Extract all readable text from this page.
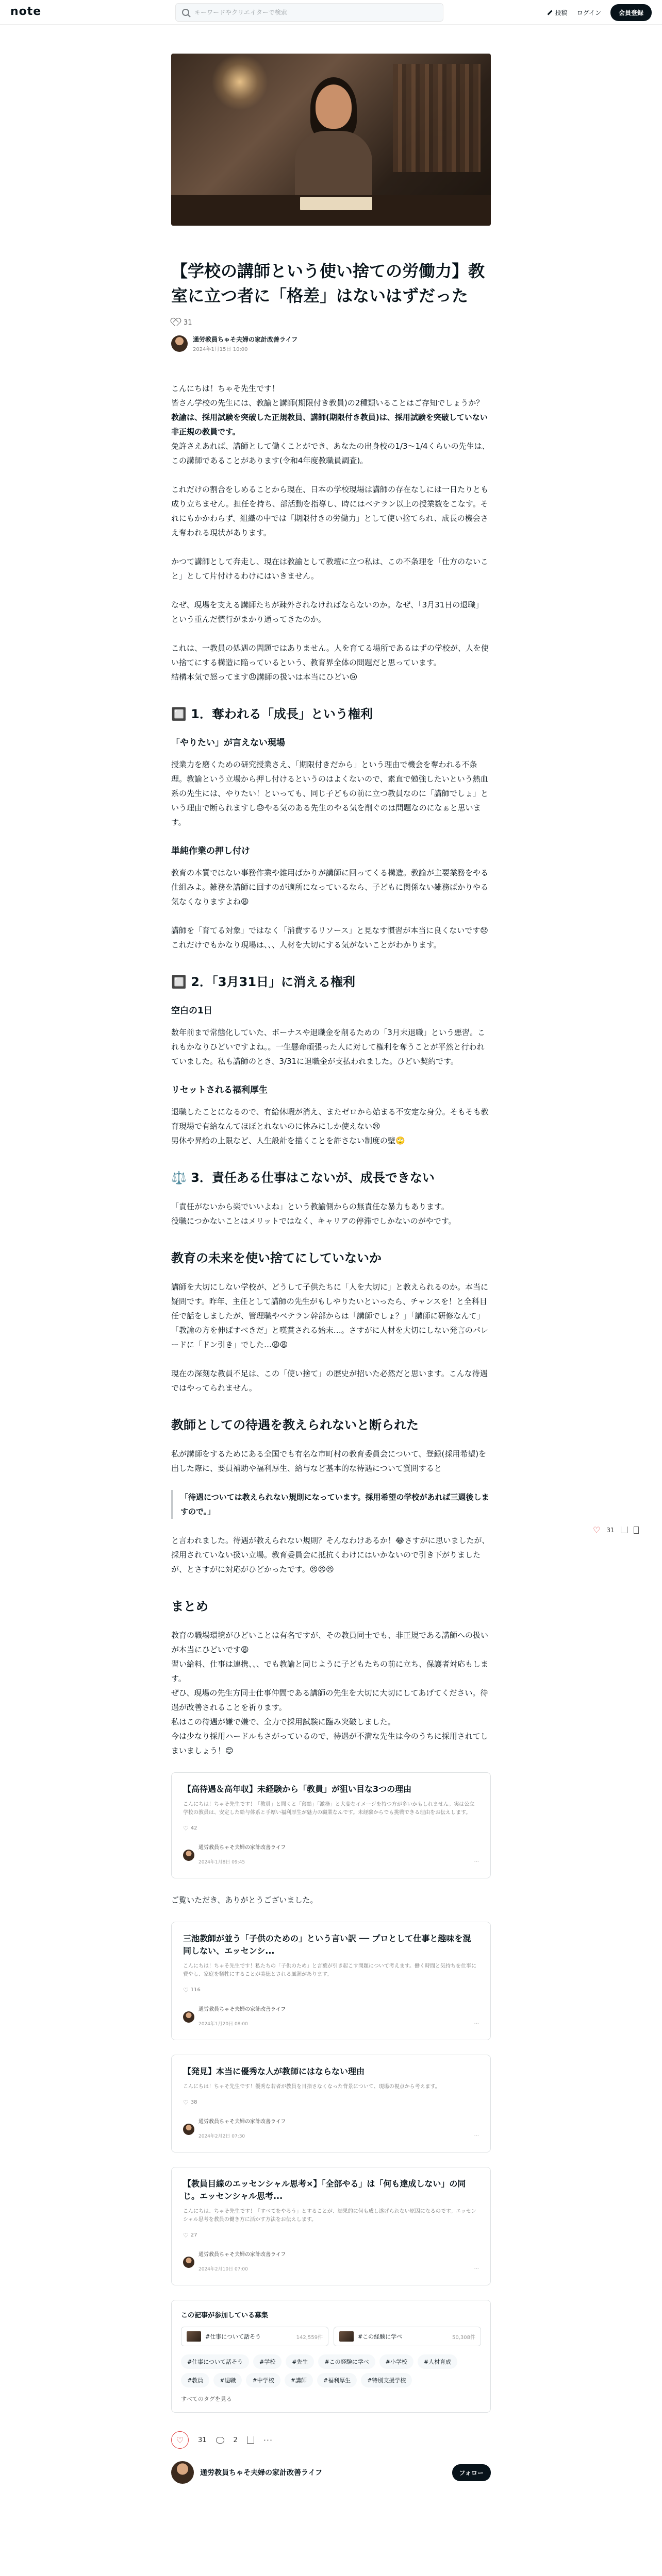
note
キーワードやクリエイターで検索	投稿 ログイン	会員登録
【学校の講師という使い捨ての労働力】教室に立つ者に「格差」はないはずだった
31
通労教員ちゃそ夫婦の家計改善ライフ
2024年1月15日 10:00

こんにちは！ちゃそ先生です！
皆さん学校の先生には、教諭と講師(期限付き教員)の2種類いることはご存知でしょうか？
教諭は、採用試験を突破した正規教員、講師(期限付き教員)は、採用試験を突破していない非正規の教員です。
免許さえあれば、講師として働くことができ、あなたの出身校の1/3〜1/4くらいの先生は、この講師であることがあります(令和4年度教職員調査)。

これだけの割合をしめることから現在、日本の学校現場は講師の存在なしには一日たりとも成り立ちません。担任を持ち、部活動を指導し、時にはベテラン以上の授業数をこなす。それにもかかわらず、組織の中では「期限付きの労働力」として使い捨てられ、成長の機会さえ奪われる現状があります。

かつて講師として奔走し、現在は教諭として教壇に立つ私は、この不条理を「仕方のないこと」として片付けるわけにはいきません。

なぜ、現場を支える講師たちが疎外されなければならないのか。なぜ、「3月31日の退職」という重んだ慣行がまかり通ってきたのか。

これは、一教員の処遇の問題ではありません。人を育てる場所であるはずの学校が、人を使い捨てにする構造に陥っているという、教育界全体の問題だと思っています。
結構本気で怒ってます😠講師の扱いは本当にひどい😢

🔲 1．奪われる「成長」という権利
「やりたい」が言えない現場

授業力を磨くための研究授業さえ、「期限付きだから」という理由で機会を奪われる不条理。教諭という立場から押し付けるというのはよくないので、素直で勉強したいという熱血系の先生には、やりたい！といっても、同じ子どもの前に立つ教員なのに「講師でしょ」という理由で断られますし😓やる気のある先生のやる気を削ぐのは問題なのになぁと思います。

単純作業の押し付け

教育の本質ではない事務作業や雑用ばかりが講師に回ってくる構造。教諭が主要業務をやる仕組みよ。雑務を講師に回すのが適所になっているなら、子どもに関係ない雑務ばかりやる気なくなりますよね😩

講師を「育てる対象」ではなく「消費するリソース」と見なす慣習が本当に良くないです😞これだけでもかなり現場は、、、人材を大切にする気がないことがわかります。

🔲 2．「3月31日」に消える権利
空白の1日

数年前まで常態化していた、ボーナスや退職金を削るための「3月末退職」という悪習。これもかなりひどいですよね。。一生懸命頑張った人に対して権利を奪うことが平然と行われていました。私も講師のとき、3/31に退職金が支払われました。ひどい契約です。

リセットされる福利厚生

退職したことになるので、有給休暇が消え、またゼロから始まる不安定な身分。そもそも教育現場で有給なんてほぼとれないのに休みにしか使えない😢
男休や昇給の上限など、人生設計を描くことを許さない制度の壁🙄

⚖️ 3．責任ある仕事はこないが、成長できない

「責任がないから楽でいいよね」という教諭側からの無責任な暴力もあります。
役職につかないことはメリットではなく、キャリアの停滞でしかないのがやです。

教育の未来を使い捨てにしていないか

講師を大切にしない学校が、どうして子供たちに「人を大切に」と教えられるのか。本当に疑問です。昨年、主任として講師の先生がもしやりたいといったら、チャンスを！と全科目任で話をしましたが、管理職やベテラン幹部からは「講師でしょ？」「講師に研修なんて」「教諭の方を伸ばすべきだ」と嘆賞される始末…。さすがに人材を大切にしない発言のパレードに「ドン引き」でした…😩😩

現在の深刻な教員不足は、この「使い捨て」の歴史が招いた必然だと思います。こんな待遇ではやってられません。

教師としての待遇を教えられないと断られた

私が講師をするためにある全国でも有名な市町村の教育委員会について、登録(採用希望)を出した際に、要員補助や福利厚生、給与など基本的な待遇について質問すると

「待遇については教えられない規則になっています。採用希望の学校があれば三週後しますので。」

と言われました。待遇が教えられない規則？そんなわけあるか！😂さすがに思いましたが、採用されていない扱い立場。教育委員会に抵抗くわけにはいかないので引き下がりましたが、とさすがに対応がひどかったです。😠😠😠

まとめ

教育の職場環境がひどいことは有名ですが、その教員同士でも、非正規である講師への扱いが本当にひどいです😩
習い給料、仕事は連携、、、でも教諭と同じように子どもたちの前に立ち、保護者対応もします。
ぜひ、現場の先生方同士仕事仲間である講師の先生を大切に大切にしてあげてください。待遇が改善されることを祈ります。
私はこの待遇が嫌で嫌で、全力で採用試験に臨み突破しました。
今は少なり採用ハードルもさがっているので、待遇が不満な先生は今のうちに採用されてしまいましょう！😊

【高待遇＆高年収】未経験から「教員」が狙い目な3つの理由
こんにちは！ちゃそ先生です！「教員」と聞くと「薄給」「激務」と大変なイメージを持つ方が多いかもしれません。実は公立学校の教員は、安定した給与体系と手厚い福利厚生が魅力の職業なんです。未経験からでも挑戦できる理由をお伝えします。
♡ 42
通労教員ちゃそ夫婦の家計改善ライフ
2024年1月8日 09:45	···

ご覧いただき、ありがとうございました。

三池教師が並う「子供のための」という言い訳 ── プロとして仕事と趣味を混同しない、エッセンシ...
こんにちは！ちゃそ先生です！私たちの「子供のため」と言葉が引き起こす問題について考えます。働く時間と気持ちを仕事に費やし、家庭を犠牲にすることが美徳とされる風潮があります。
♡ 116
通労教員ちゃそ夫婦の家計改善ライフ
2024年1月20日 08:00	···
【発見】本当に優秀な人が教師にはならない理由
こんにちは！ちゃそ先生です！優秀な若者が教員を目指さなくなった背景について、現場の視点から考えます。
♡ 38
通労教員ちゃそ夫婦の家計改善ライフ
2024年2月2日 07:30	···
【教員目線のエッセンシャル思考×】「全部やる」は「何も達成しない」の同じ。エッセンシャル思考...
こんにちは、ちゃそ先生です！「すべてをやろう」とすることが、結果的に何も成し遂げられない原因になるのです。エッセンシャル思考を教員の働き方に活かす方法をお伝えします。
♡ 27
通労教員ちゃそ夫婦の家計改善ライフ
2024年2月10日 07:00	···
この記事が参加している募集
#仕事について話そう	142,559件	#この経験に学べ	50,308件
#仕事について話そう	#学校	#先生	#この経験に学べ	#小学校	#人材育成
#教員	#退職	#中学校	#講師	#福利厚生	#特別支援学校
すべてのタグを見る
♡	31	2	···
通労教員ちゃそ夫婦の家計改善ライフ	フォロー
♡ 31
